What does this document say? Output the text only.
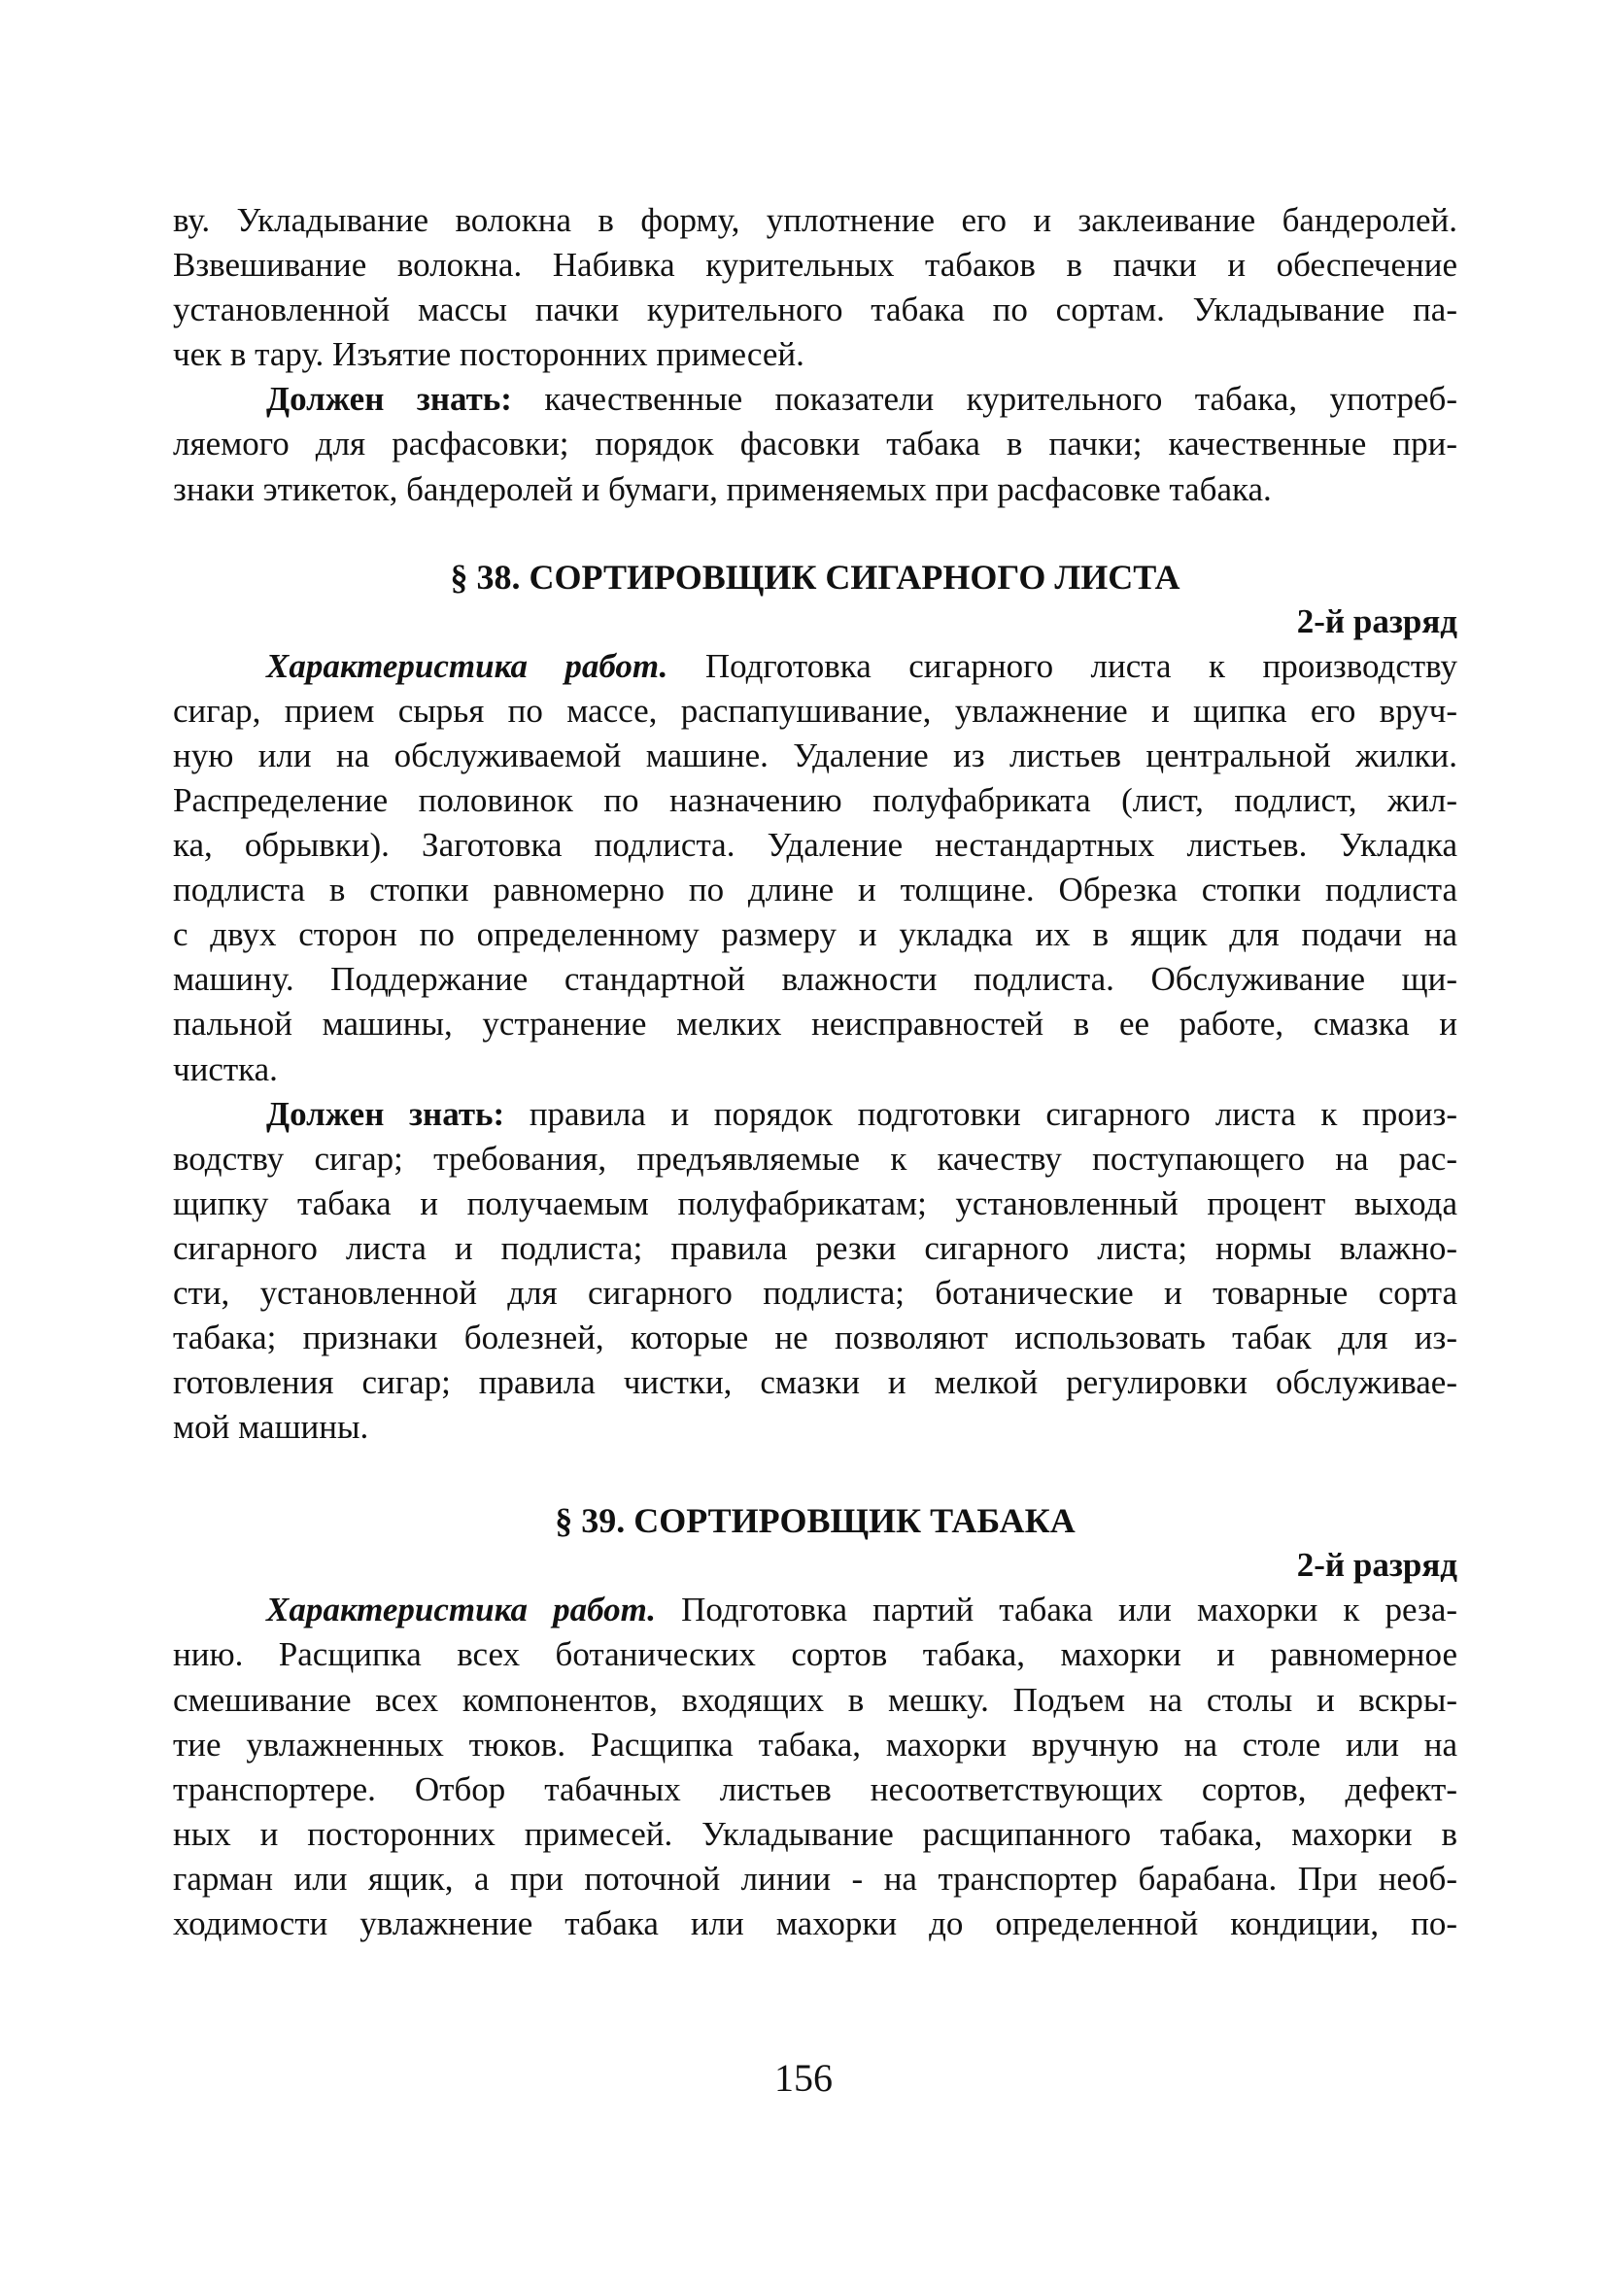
ву. Укладывание волокна в форму, уплотнение его и заклеивание бандеролей.
Взвешивание волокна. Набивка курительных табаков в пачки и обеспечение
установленной массы пачки курительного табака по сортам. Укладывание па-
чек в тару. Изъятие посторонних примесей.
Должен знать: качественные показатели курительного табака, употреб-
ляемого для расфасовки; порядок фасовки табака в пачки; качественные при-
знаки этикеток, бандеролей и бумаги, применяемых при расфасовке табака.
§ 38. СОРТИРОВЩИК СИГАРНОГО ЛИСТА
2-й разряд
Характеристика работ. Подготовка сигарного листа к производству
сигар, прием сырья по массе, распапушивание, увлажнение и щипка его вруч-
ную или на обслуживаемой машине. Удаление из листьев центральной жилки.
Распределение половинок по назначению полуфабриката (лист, подлист, жил-
ка, обрывки). Заготовка подлиста. Удаление нестандартных листьев. Укладка
подлиста в стопки равномерно по длине и толщине. Обрезка стопки подлиста
с двух сторон по определенному размеру и укладка их в ящик для подачи на
машину. Поддержание стандартной влажности подлиста. Обслуживание щи-
пальной машины, устранение мелких неисправностей в ее работе, смазка и
чистка.
Должен знать: правила и порядок подготовки сигарного листа к произ-
водству сигар; требования, предъявляемые к качеству поступающего на рас-
щипку табака и получаемым полуфабрикатам; установленный процент выхода
сигарного листа и подлиста; правила резки сигарного листа; нормы влажно-
сти, установленной для сигарного подлиста; ботанические и товарные сорта
табака; признаки болезней, которые не позволяют использовать табак для из-
готовления сигар; правила чистки, смазки и мелкой регулировки обслуживае-
мой машины.
§ 39. СОРТИРОВЩИК ТАБАКА
2-й разряд
Характеристика работ. Подготовка партий табака или махорки к реза-
нию. Расщипка всех ботанических сортов табака, махорки и равномерное
смешивание всех компонентов, входящих в мешку. Подъем на столы и вскры-
тие увлажненных тюков. Расщипка табака, махорки вручную на столе или на
транспортере. Отбор табачных листьев несоответствующих сортов, дефект-
ных и посторонних примесей. Укладывание расщипанного табака, махорки в
гарман или ящик, а при поточной линии - на транспортер барабана. При необ-
ходимости увлажнение табака или махорки до определенной кондиции, по-
156
